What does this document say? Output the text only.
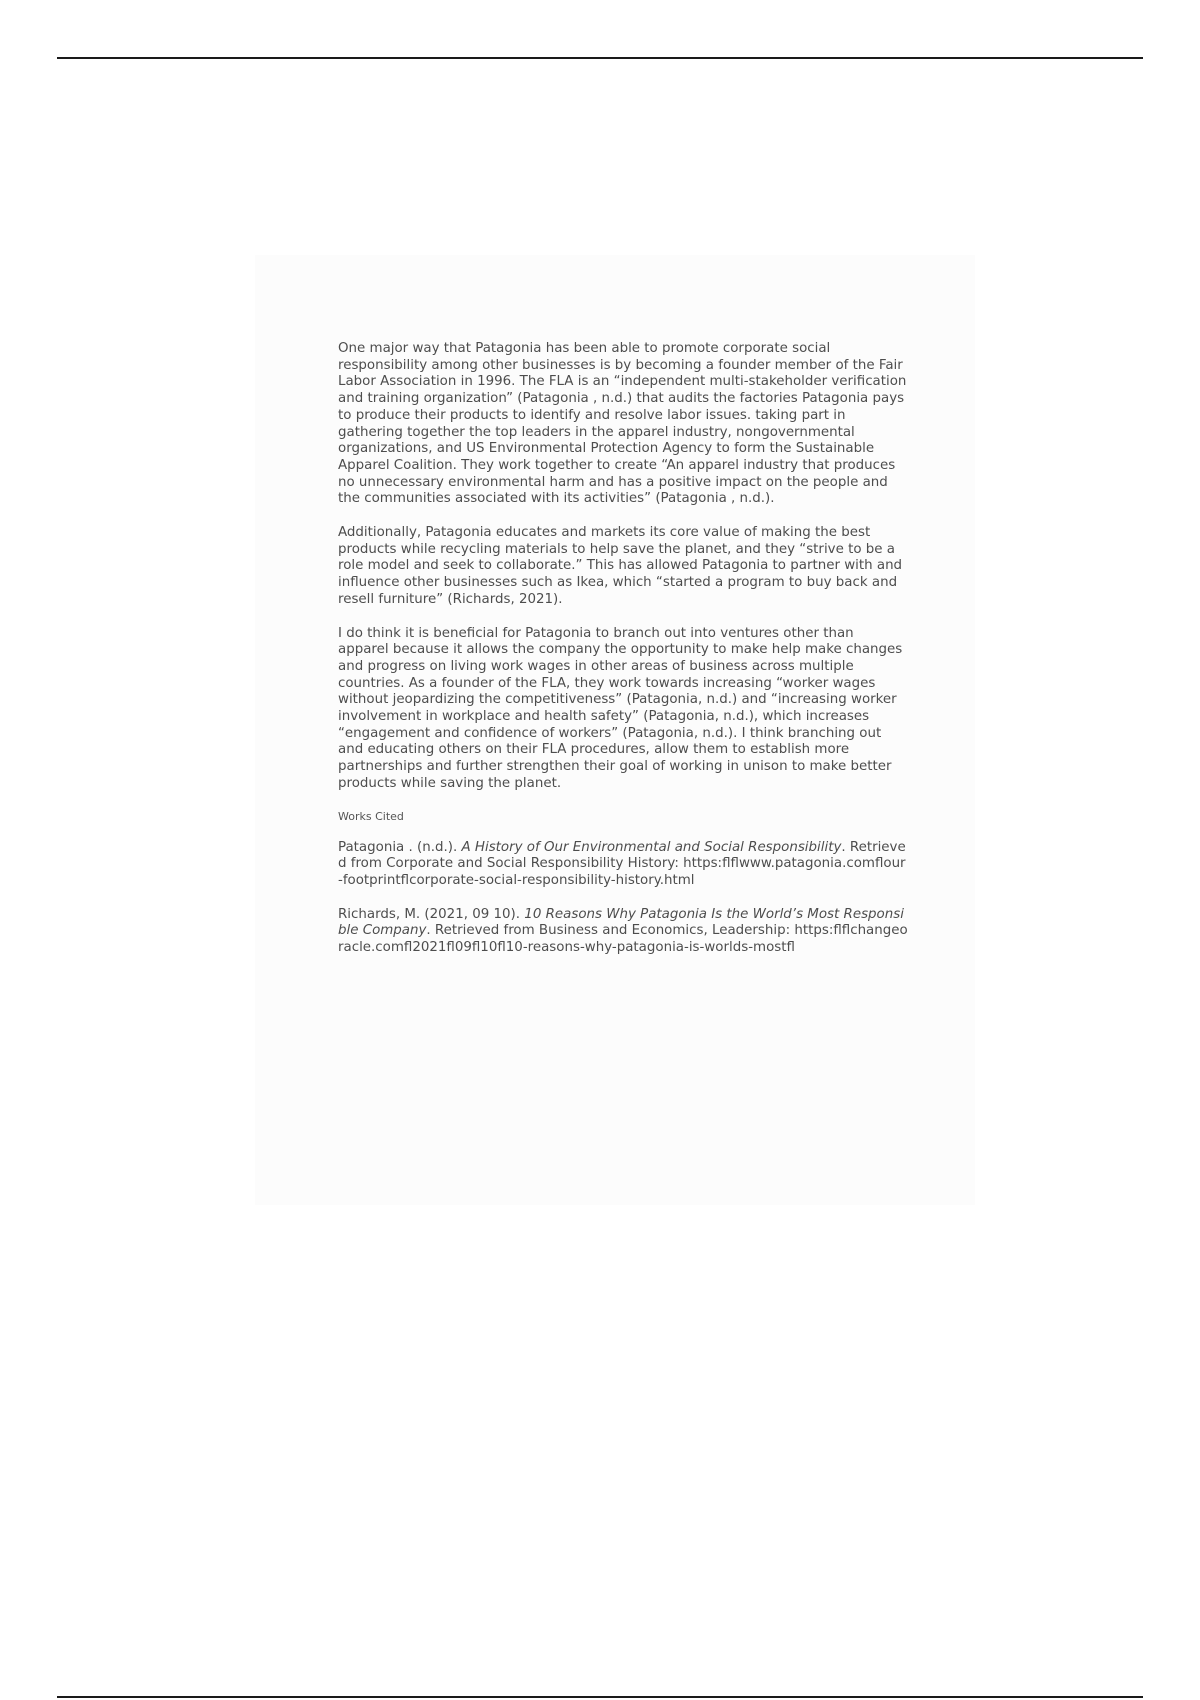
One major way that Patagonia has been able to promote corporate social responsibility among other businesses is by becoming a founder member of the Fair Labor Association in 1996. The FLA is an “independent multi-stakeholder verification and training organization” (Patagonia , n.d.) that audits the factories Patagonia pays to produce their products to identify and resolve labor issues. taking part in gathering together the top leaders in the apparel industry, nongovernmental organizations, and US Environmental Protection Agency to form the Sustainable Apparel Coalition. They work together to create “An apparel industry that produces no unnecessary environmental harm and has a positive impact on the people and the communities associated with its activities” (Patagonia , n.d.).

Additionally, Patagonia educates and markets its core value of making the best products while recycling materials to help save the planet, and they “strive to be a role model and seek to collaborate.” This has allowed Patagonia to partner with and influence other businesses such as Ikea, which “started a program to buy back and resell furniture” (Richards, 2021).

I do think it is beneficial for Patagonia to branch out into ventures other than apparel because it allows the company the opportunity to make help make changes and progress on living work wages in other areas of business across multiple countries. As a founder of the FLA, they work towards increasing “worker wages without jeopardizing the competitiveness” (Patagonia, n.d.) and “increasing worker involvement in workplace and health safety” (Patagonia, n.d.), which increases “engagement and confidence of workers” (Patagonia, n.d.). I think branching out and educating others on their FLA procedures, allow them to establish more partnerships and further strengthen their goal of working in unison to make better products while saving the planet.

Works Cited
Patagonia . (n.d.). A History of Our Environmental and Social Responsibility. Retrieved from Corporate and Social Responsibility History: https:flflwww.patagonia.comflour-footprintflcorporate-social-responsibility-history.html
Richards, M. (2021, 09 10). 10 Reasons Why Patagonia Is the World’s Most Responsible Company. Retrieved from Business and Economics, Leadership: https:flflchangeoracle.comfl2021fl09fl10fl10-reasons-why-patagonia-is-worlds-mostfl
